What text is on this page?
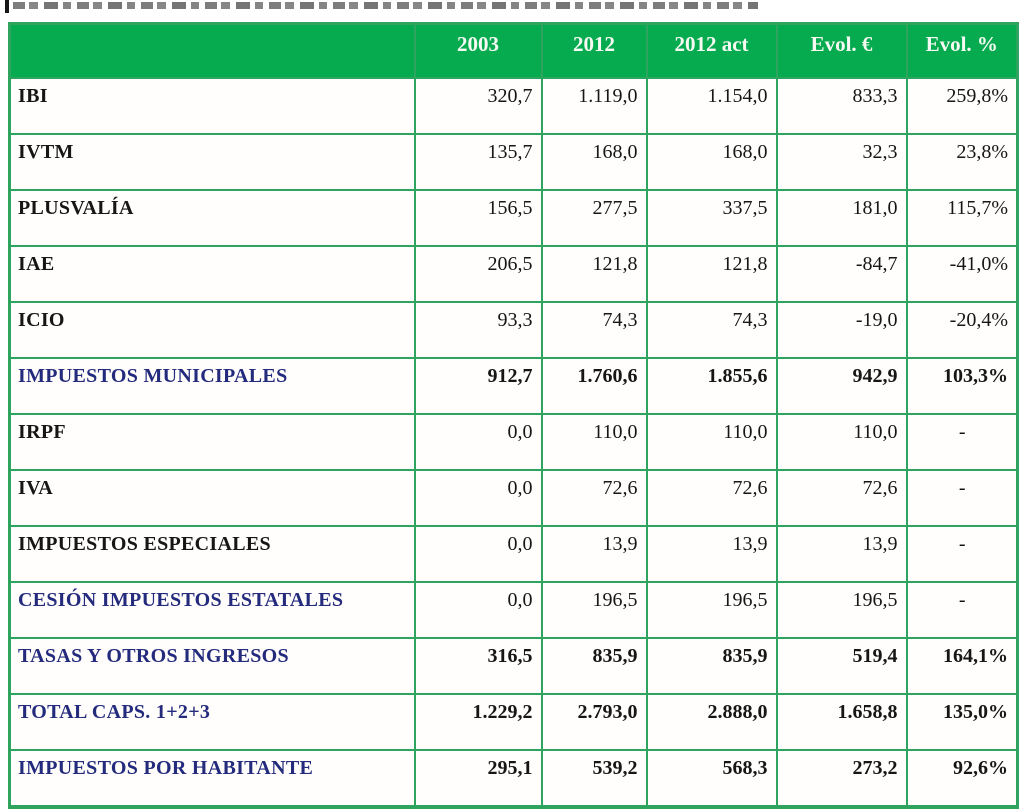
	2003	2012	2012 act	Evol. €	Evol. %
IBI	320,7	1.119,0	1.154,0	833,3	259,8%
IVTM	135,7	168,0	168,0	32,3	23,8%
PLUSVALÍA	156,5	277,5	337,5	181,0	115,7%
IAE	206,5	121,8	121,8	-84,7	-41,0%
ICIO	93,3	74,3	74,3	-19,0	-20,4%
IMPUESTOS MUNICIPALES	912,7	1.760,6	1.855,6	942,9	103,3%
IRPF	0,0	110,0	110,0	110,0	-
IVA	0,0	72,6	72,6	72,6	-
IMPUESTOS ESPECIALES	0,0	13,9	13,9	13,9	-
CESIÓN IMPUESTOS ESTATALES	0,0	196,5	196,5	196,5	-
TASAS Y OTROS INGRESOS	316,5	835,9	835,9	519,4	164,1%
TOTAL CAPS. 1+2+3	1.229,2	2.793,0	2.888,0	1.658,8	135,0%
IMPUESTOS POR HABITANTE	295,1	539,2	568,3	273,2	92,6%
